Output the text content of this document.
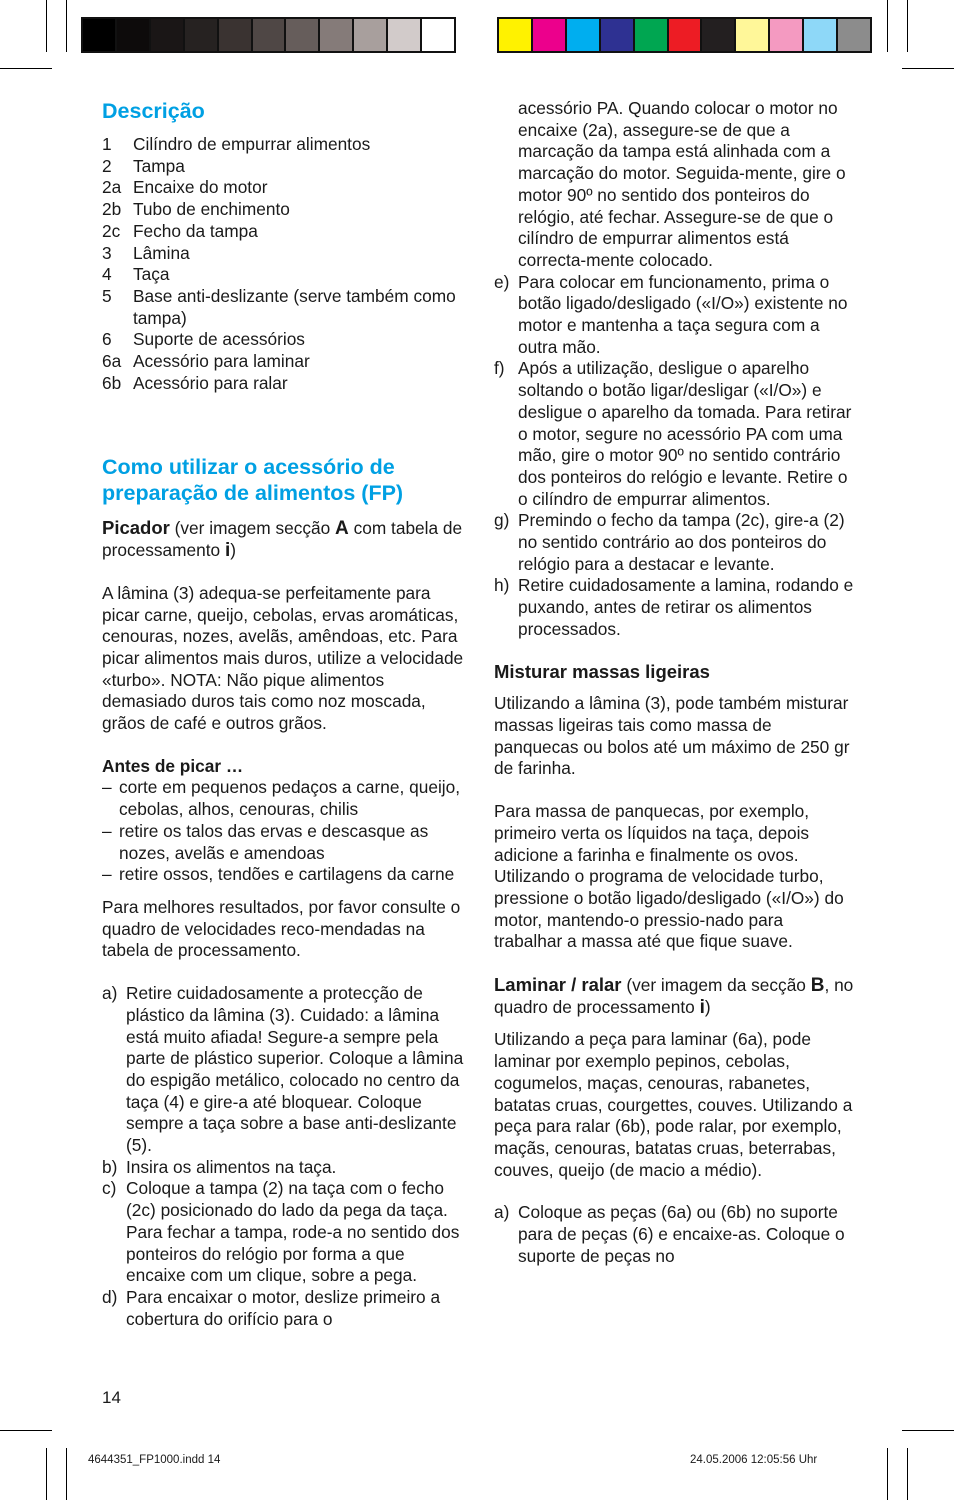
Descrição
1	Cilíndro de empurrar alimentos
2	Tampa
2a Encaixe do motor
2b Tubo de enchimento
2c Fecho da tampa
3	Lâmina
4	Taça
5	Base anti-deslizante (serve também como tampa)
6	Suporte de acessórios
6a Acessório para laminar
6b Acessório para ralar
Como utilizar o acessório de preparação de alimentos (FP)

Picador (ver imagem secção A com tabela de processamento i)

A lâmina (3) adequa-se perfeitamente para picar carne, queijo, cebolas, ervas aromáticas, cenouras, nozes, avelãs, amêndoas, etc. Para picar alimentos mais duros, utilize a velocidade «turbo». NOTA: Não pique alimentos demasiado duros tais como noz moscada, grãos de café e outros grãos.

Antes de picar …

– corte em pequenos pedaços a carne, queijo, cebolas, alhos, cenouras, chilis
– retire os talos das ervas e descasque as nozes, avelãs e amendoas
– retire ossos, tendões e cartilagens da carne

Para melhores resultados, por favor consulte o quadro de velocidades reco-mendadas na tabela de processamento.

a) Retire cuidadosamente a protecção de plástico da lâmina (3). Cuidado: a lâmina está muito afiada! Segure-a sempre pela parte de plástico superior. Coloque a lâmina do espigão metálico, colocado no centro da taça (4) e gire-a até bloquear. Coloque sempre a taça sobre a base anti-deslizante (5).
b) Insira os alimentos na taça.
c) Coloque a tampa (2) na taça com o fecho (2c) posicionado do lado da pega da taça. Para fechar a tampa, rode-a no sentido dos ponteiros do relógio por forma a que encaixe com um clique, sobre a pega.
d) Para encaixar o motor, deslize primeiro a cobertura do orifício para o

acessório PA. Quando colocar o motor no encaixe (2a), assegure-se de que a marcação da tampa está alinhada com a marcação do motor. Seguida-mente, gire o motor 90º no sentido dos ponteiros do relógio, até fechar. Assegure-se de que o cilíndro de empurrar alimentos está correcta-mente colocado.

e) Para colocar em funcionamento, prima o botão ligado/desligado («I/O») existente no motor e mantenha a taça segura com a outra mão.
f) Após a utilização, desligue o aparelho soltando o botão ligar/desligar («I/O») e desligue o aparelho da tomada. Para retirar o motor, segure no acessório PA com uma mão, gire o motor 90º no sentido contrário dos ponteiros do relógio e levante. Retire o o cilíndro de empurrar alimentos.
g) Premindo o fecho da tampa (2c), gire-a (2) no sentido contrário ao dos ponteiros do relógio para a destacar e levante.
h) Retire cuidadosamente a lamina, rodando e puxando, antes de retirar os alimentos processados.
Misturar massas ligeiras

Utilizando a lâmina (3), pode também misturar massas ligeiras tais como massa de panquecas ou bolos até um máximo de 250 gr de farinha.

Para massa de panquecas, por exemplo, primeiro verta os líquidos na taça, depois adicione a farinha e finalmente os ovos. Utilizando o programa de velocidade turbo, pressione o botão ligado/desligado («I/O») do motor, mantendo-o pressio-nado para trabalhar a massa até que fique suave.

Laminar / ralar (ver imagem da secção B, no quadro de processamento i)

Utilizando a peça para laminar (6a), pode laminar por exemplo pepinos, cebolas, cogumelos, maças, cenouras, rabanetes, batatas cruas, courgettes, couves. Utilizando a peça para ralar (6b), pode ralar, por exemplo, maçãs, cenouras, batatas cruas, beterrabas, couves, queijo (de macio a médio).

a) Coloque as peças (6a) ou (6b) no suporte para de peças (6) e encaixe-as. Coloque o suporte de peças no
14
4644351_FP1000.indd 14	24.05.2006 12:05:56 Uhr
